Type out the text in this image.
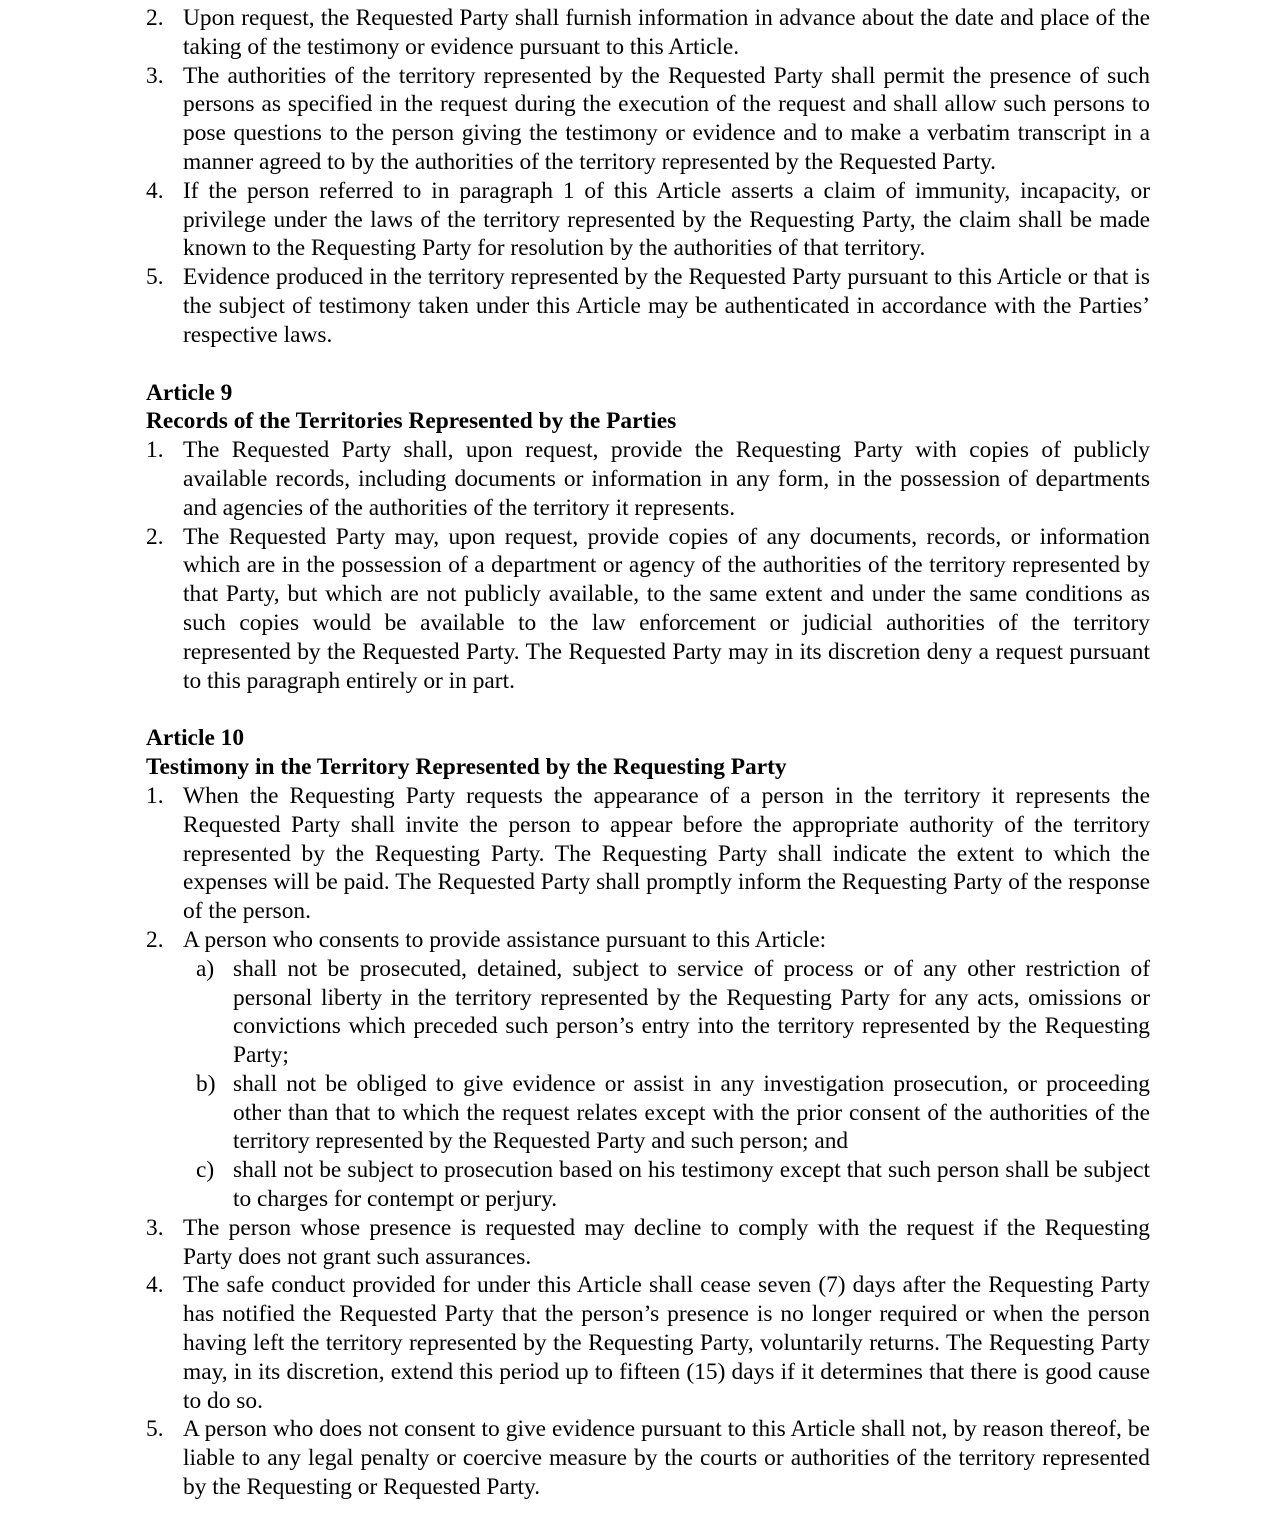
2. Upon request, the Requested Party shall furnish information in advance about the date and place of the taking of the testimony or evidence pursuant to this Article.
3. The authorities of the territory represented by the Requested Party shall permit the presence of such persons as specified in the request during the execution of the request and shall allow such persons to pose questions to the person giving the testimony or evidence and to make a verbatim transcript in a manner agreed to by the authorities of the territory represented by the Requested Party.
4. If the person referred to in paragraph 1 of this Article asserts a claim of immunity, incapacity, or privilege under the laws of the territory represented by the Requesting Party, the claim shall be made known to the Requesting Party for resolution by the authorities of that territory.
5. Evidence produced in the territory represented by the Requested Party pursuant to this Article or that is the subject of testimony taken under this Article may be authenticated in accordance with the Parties’ respective laws.
Article 9
Records of the Territories Represented by the Parties
1. The Requested Party shall, upon request, provide the Requesting Party with copies of publicly available records, including documents or information in any form, in the possession of departments and agencies of the authorities of the territory it represents.
2. The Requested Party may, upon request, provide copies of any documents, records, or information which are in the possession of a department or agency of the authorities of the territory represented by that Party, but which are not publicly available, to the same extent and under the same conditions as such copies would be available to the law enforcement or judicial authorities of the territory represented by the Requested Party. The Requested Party may in its discretion deny a request pursuant to this paragraph entirely or in part.
Article 10
Testimony in the Territory Represented by the Requesting Party
1. When the Requesting Party requests the appearance of a person in the territory it represents the Requested Party shall invite the person to appear before the appropriate authority of the territory represented by the Requesting Party. The Requesting Party shall indicate the extent to which the expenses will be paid. The Requested Party shall promptly inform the Requesting Party of the response of the person.
2. A person who consents to provide assistance pursuant to this Article:
a) shall not be prosecuted, detained, subject to service of process or of any other restriction of personal liberty in the territory represented by the Requesting Party for any acts, omissions or convictions which preceded such person’s entry into the territory represented by the Requesting Party;
b) shall not be obliged to give evidence or assist in any investigation prosecution, or proceeding other than that to which the request relates except with the prior consent of the authorities of the territory represented by the Requested Party and such person; and
c) shall not be subject to prosecution based on his testimony except that such person shall be subject to charges for contempt or perjury.
3. The person whose presence is requested may decline to comply with the request if the Requesting Party does not grant such assurances.
4. The safe conduct provided for under this Article shall cease seven (7) days after the Requesting Party has notified the Requested Party that the person’s presence is no longer required or when the person having left the territory represented by the Requesting Party, voluntarily returns. The Requesting Party may, in its discretion, extend this period up to fifteen (15) days if it determines that there is good cause to do so.
5. A person who does not consent to give evidence pursuant to this Article shall not, by reason thereof, be liable to any legal penalty or coercive measure by the courts or authorities of the territory represented by the Requesting or Requested Party.
